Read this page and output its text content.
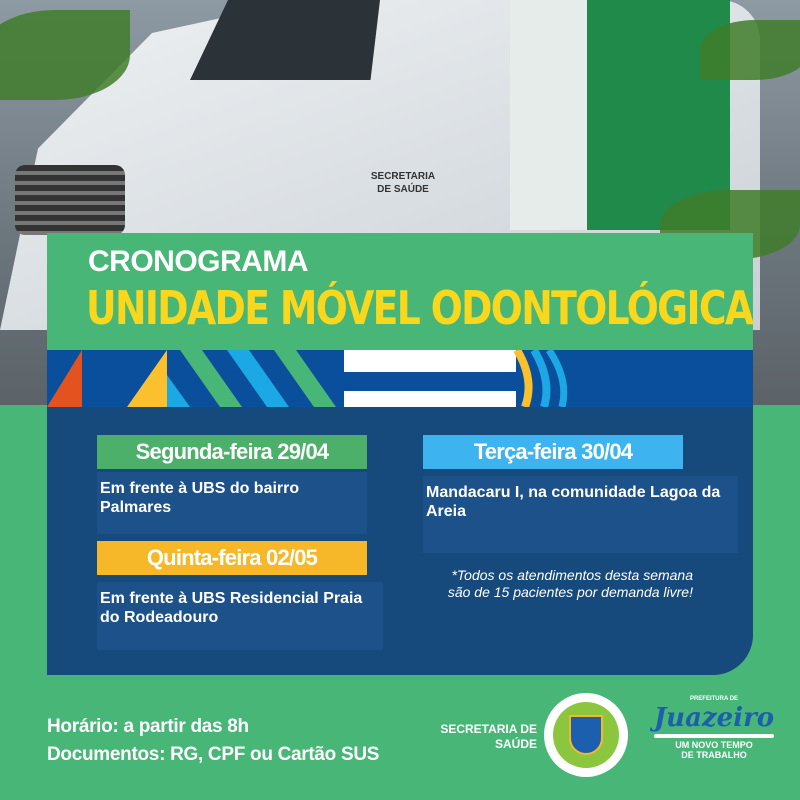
SECRETARIA DE SAÚDE
CRONOGRAMA
UNIDADE MÓVEL ODONTOLÓGICA
Segunda-feira 29/04
Em frente à UBS do bairro Palmares
Terça-feira 30/04
Mandacaru I, na comunidade Lagoa da Areia
Quinta-feira 02/05
Em frente à UBS Residencial Praia do Rodeadouro
*Todos os atendimentos desta semana são de 15 pacientes por demanda livre!
Horário: a partir das 8h
Documentos: RG, CPF ou Cartão SUS
SECRETARIA DE
SAÚDE
PREFEITURA DE
Juazeiro
UM NOVO TEMPO
DE TRABALHO
